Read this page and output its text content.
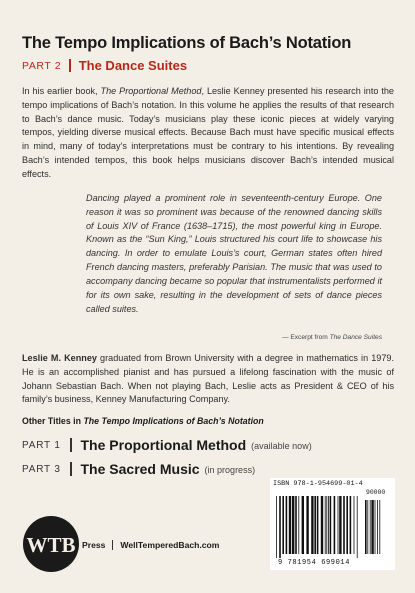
The Tempo Implications of Bach’s Notation
PART 2 The Dance Suites

In his earlier book, The Proportional Method, Leslie Kenney presented his research into the tempo implications of Bach’s notation. In this volume he applies the results of that research to Bach’s dance music. Today’s musicians play these iconic pieces at widely varying tempos, yielding diverse musical effects. Because Bach must have specific musical effects in mind, many of today’s interpretations must be contrary to his intentions. By revealing Bach’s intended tempos, this book helps musicians discover Bach’s intended musical effects.

Dancing played a prominent role in seventeenth-century Europe. One reason it was so prominent was because of the renowned dancing skills of Louis XIV of France (1638–1715), the most powerful king in Europe. Known as the “Sun King,” Louis structured his court life to showcase his dancing. In order to emulate Louis’s court, German states often hired French dancing masters, preferably Parisian. The music that was used to accompany dancing became so popular that instrumentalists performed it for its own sake, resulting in the development of sets of dance pieces called suites.

— Excerpt from The Dance Suites

Leslie M. Kenney graduated from Brown University with a degree in mathematics in 1979. He is an accomplished pianist and has pursued a lifelong fascination with the music of Johann Sebastian Bach. When not playing Bach, Leslie acts as President & CEO of his family’s business, Kenney Manufacturing Company.

Other Titles in The Tempo Implications of Bach’s Notation
PART 1	The Proportional Method (available now)
PART 3	The Sacred Music (in progress)
WTB Press WellTemperedBach.com
ISBN 978-1-954699-01-4
90000
9 781954 699014
